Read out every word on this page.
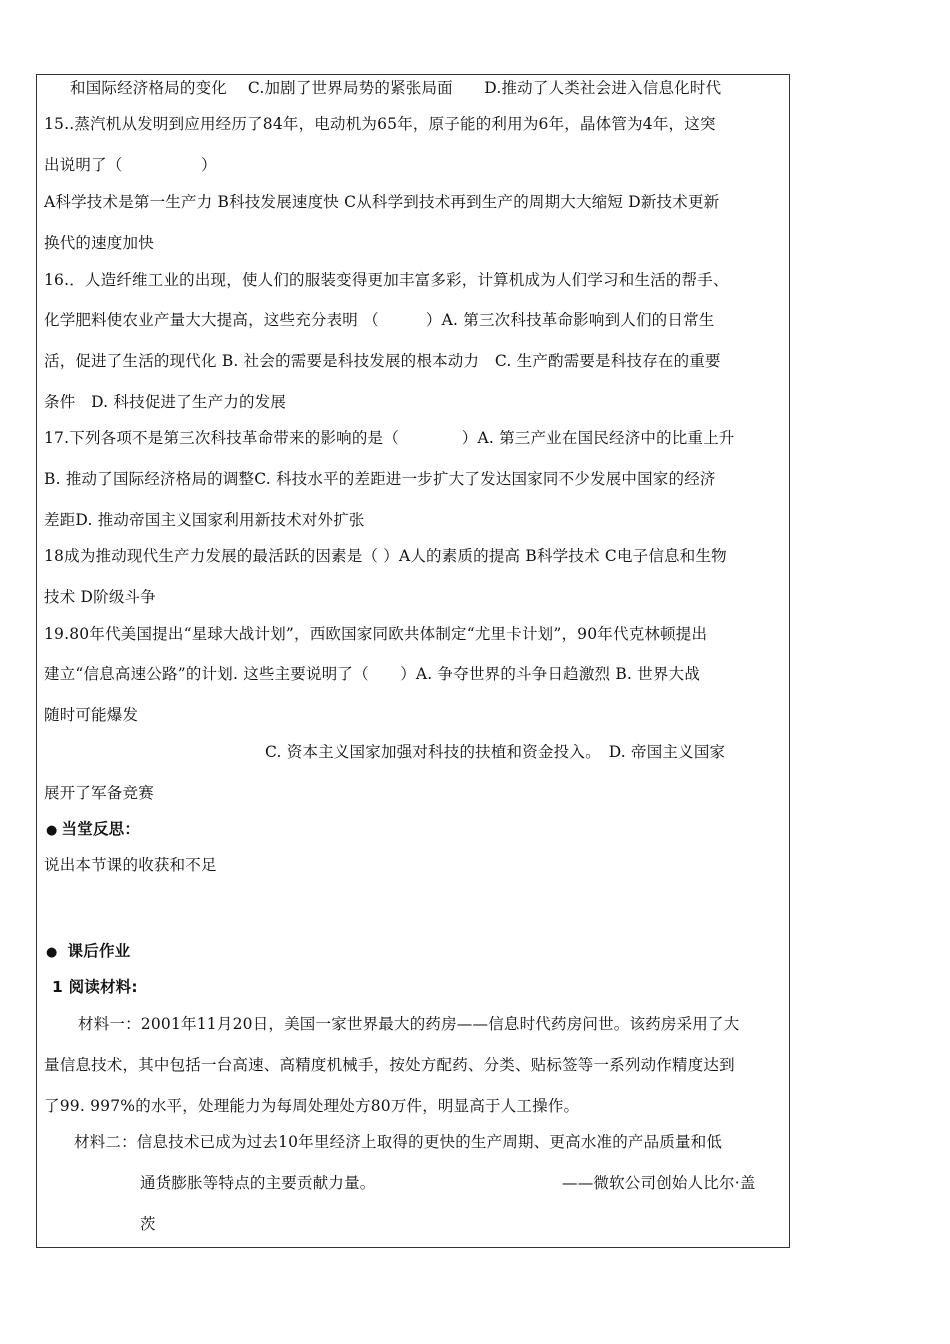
和国际经济格局的变化　 C.加剧了世界局势的紧张局面　　D.推动了人类社会进入信息化时代
15..蒸汽机从发明到应用经历了84年，电动机为65年，原子能的利用为6年，晶体管为4年，这突
出说明了（　　　　　）
A科学技术是第一生产力 B科技发展速度快 C从科学到技术再到生产的周期大大缩短 D新技术更新
换代的速度加快
16.．人造纤维工业的出现，使人们的服装变得更加丰富多彩，计算机成为人们学习和生活的帮手、
化学肥料使农业产量大大提高，这些充分表明 （　　　）A. 第三次科技革命影响到人们的日常生
活，促进了生活的现代化 B. 社会的需要是科技发展的根本动力　C. 生产酌需要是科技存在的重要
条件　D. 科技促进了生产力的发展
17.下列各项不是第三次科技革命带来的影响的是（　　　　）A. 第三产业在国民经济中的比重上升
B. 推动了国际经济格局的调整C. 科技水平的差距进一步扩大了发达国家同不少发展中国家的经济
差距D. 推动帝国主义国家利用新技术对外扩张
18成为推动现代生产力发展的最活跃的因素是（ ）A人的素质的提高 B科学技术 C电子信息和生物
技术 D阶级斗争
19.80年代美国提出“星球大战计划”，西欧国家同欧共体制定“尤里卡计划”，90年代克林顿提出
建立“信息高速公路”的计划. 这些主要说明了（　　）A. 争夺世界的斗争日趋激烈 B. 世界大战
随时可能爆发
C. 资本主义国家加强对科技的扶植和资金投入。　D. 帝国主义国家
展开了军备竞赛
● 当堂反思：
说出本节课的收获和不足
● 课后作业
1 阅读材料:
材料一：2001年11月20日，美国一家世界最大的药房——信息时代药房问世。该药房采用了大
量信息技术，其中包括一台高速、高精度机械手，按处方配药、分类、贴标签等一系列动作精度达到
了99. 997%的水平，处理能力为每周处理处方80万件，明显高于人工操作。
材料二：信息技术已成为过去10年里经济上取得的更快的生产周期、更高水准的产品质量和低
通货膨胀等特点的主要贡献力量。	——微软公司创始人比尔·盖
茨
